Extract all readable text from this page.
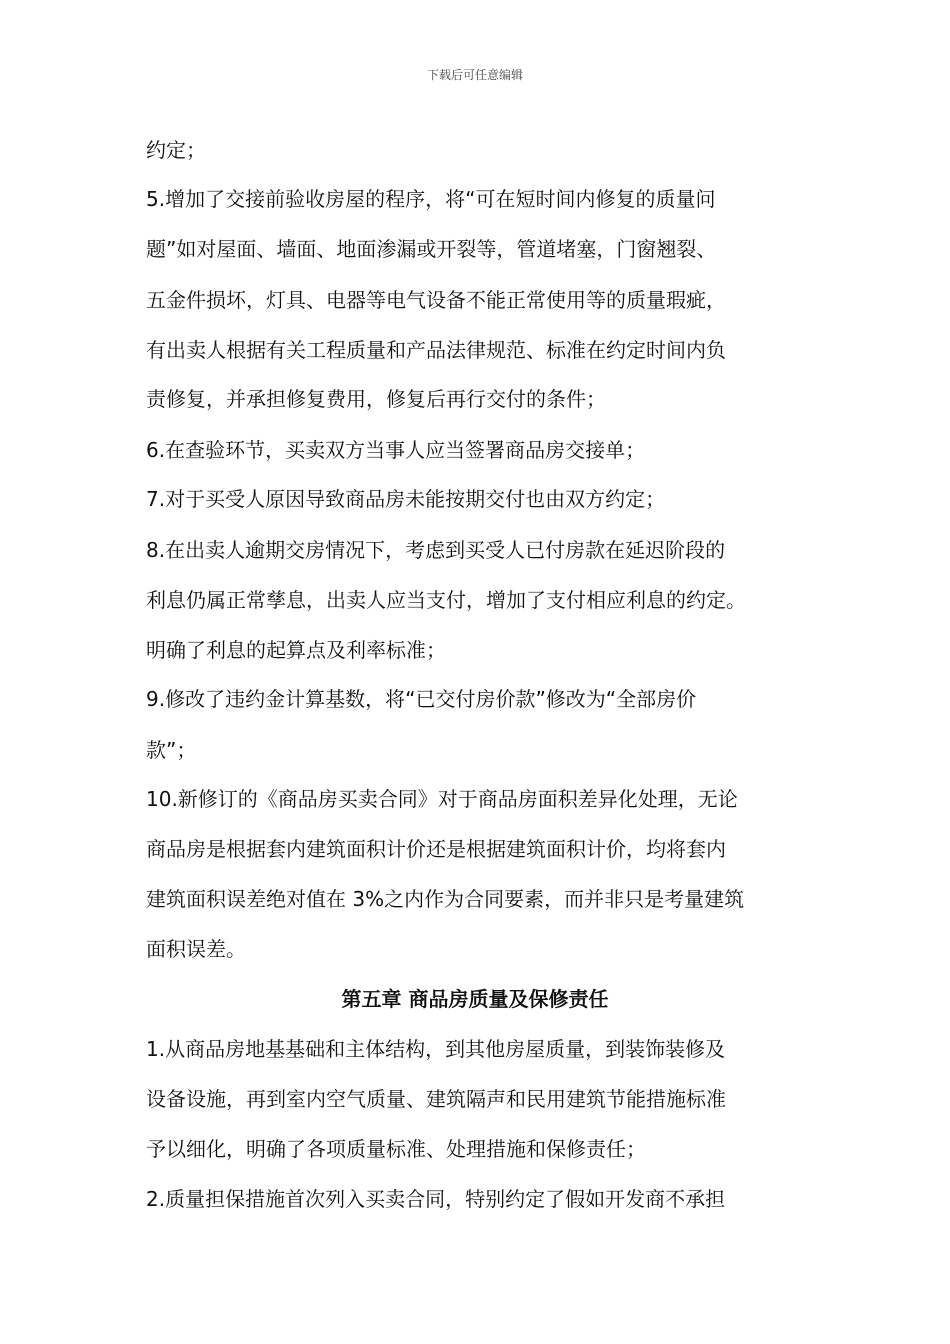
下载后可任意编辑
约定；
5.增加了交接前验收房屋的程序，将“可在短时间内修复的质量问
题”如对屋面、墙面、地面渗漏或开裂等，管道堵塞，门窗翘裂、
五金件损坏，灯具、电器等电气设备不能正常使用等的质量瑕疵，
有出卖人根据有关工程质量和产品法律规范、标准在约定时间内负
责修复，并承担修复费用，修复后再行交付的条件；
6.在查验环节，买卖双方当事人应当签署商品房交接单；
7.对于买受人原因导致商品房未能按期交付也由双方约定；
8.在出卖人逾期交房情况下，考虑到买受人已付房款在延迟阶段的
利息仍属正常孳息，出卖人应当支付，增加了支付相应利息的约定。
明确了利息的起算点及利率标准；
9.修改了违约金计算基数，将“已交付房价款”修改为“全部房价
款”；
10.新修订的《商品房买卖合同》对于商品房面积差异化处理，无论
商品房是根据套内建筑面积计价还是根据建筑面积计价，均将套内
建筑面积误差绝对值在 3%之内作为合同要素，而并非只是考量建筑
面积误差。
第五章 商品房质量及保修责任
1.从商品房地基基础和主体结构，到其他房屋质量，到装饰装修及
设备设施，再到室内空气质量、建筑隔声和民用建筑节能措施标准
予以细化，明确了各项质量标准、处理措施和保修责任；
2.质量担保措施首次列入买卖合同，特别约定了假如开发商不承担
